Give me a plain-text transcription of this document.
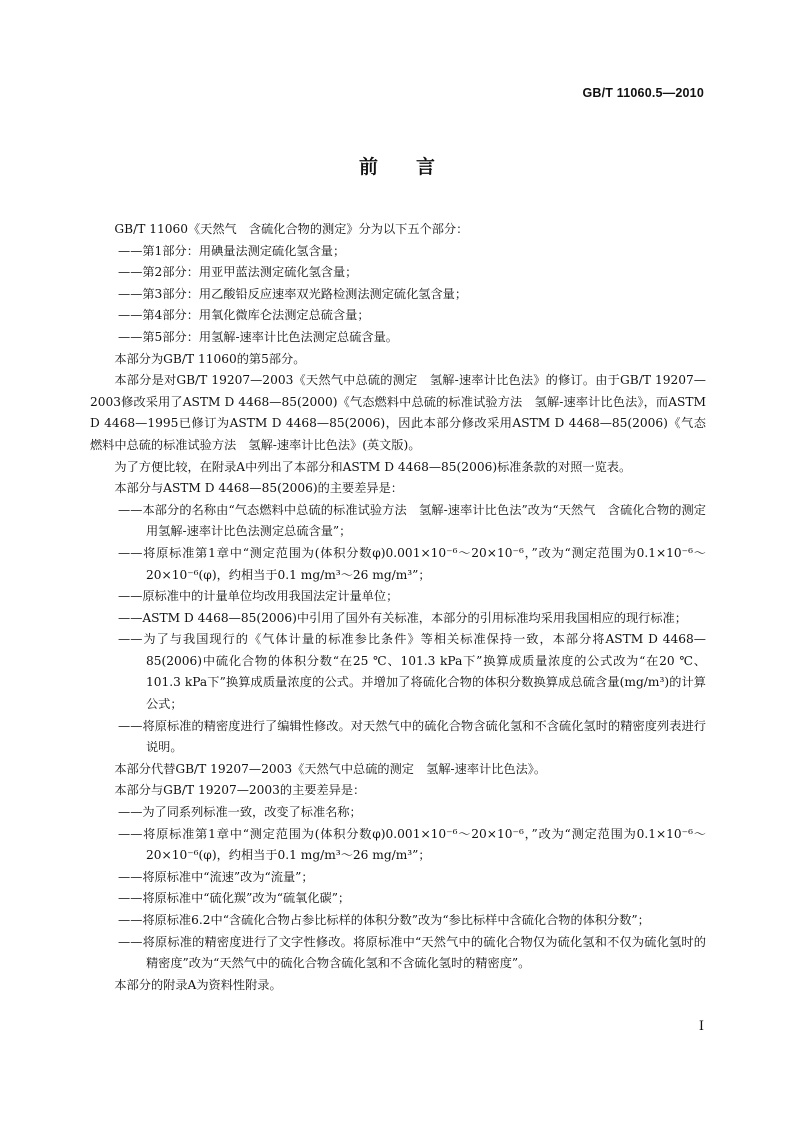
GB/T 11060.5—2010
前言

GB/T 11060《天然气　含硫化合物的测定》分为以下五个部分：

——第1部分：用碘量法测定硫化氢含量；

——第2部分：用亚甲蓝法测定硫化氢含量；

——第3部分：用乙酸铅反应速率双光路检测法测定硫化氢含量；

——第4部分：用氧化微库仑法测定总硫含量；

——第5部分：用氢解-速率计比色法测定总硫含量。

本部分为GB/T 11060的第5部分。

本部分是对GB/T 19207—2003《天然气中总硫的测定　氢解-速率计比色法》的修订。由于GB/T 19207—2003修改采用了ASTM D 4468—85(2000)《气态燃料中总硫的标准试验方法　氢解-速率计比色法》，而ASTM D 4468—1995已修订为ASTM D 4468—85(2006)，因此本部分修改采用ASTM D 4468—85(2006)《气态燃料中总硫的标准试验方法　氢解-速率计比色法》(英文版)。

为了方便比较，在附录A中列出了本部分和ASTM D 4468—85(2006)标准条款的对照一览表。

本部分与ASTM D 4468—85(2006)的主要差异是：

——本部分的名称由“气态燃料中总硫的标准试验方法　氢解-速率计比色法”改为“天然气　含硫化合物的测定　用氢解-速率计比色法测定总硫含量”；

——将原标准第1章中“测定范围为(体积分数φ)0.001×10⁻⁶～20×10⁻⁶，”改为“测定范围为0.1×10⁻⁶～20×10⁻⁶(φ)，约相当于0.1 mg/m³～26 mg/m³”；

——原标准中的计量单位均改用我国法定计量单位；

——ASTM D 4468—85(2006)中引用了国外有关标准，本部分的引用标准均采用我国相应的现行标准；

——为了与我国现行的《气体计量的标准参比条件》等相关标准保持一致，本部分将ASTM D 4468—85(2006)中硫化合物的体积分数“在25 ℃、101.3 kPa下”换算成质量浓度的公式改为“在20 ℃、101.3 kPa下”换算成质量浓度的公式。并增加了将硫化合物的体积分数换算成总硫含量(mg/m³)的计算公式；

——将原标准的精密度进行了编辑性修改。对天然气中的硫化合物含硫化氢和不含硫化氢时的精密度列表进行说明。

本部分代替GB/T 19207—2003《天然气中总硫的测定　氢解-速率计比色法》。

本部分与GB/T 19207—2003的主要差异是：

——为了同系列标准一致，改变了标准名称；

——将原标准第1章中“测定范围为(体积分数φ)0.001×10⁻⁶～20×10⁻⁶，”改为“测定范围为0.1×10⁻⁶～20×10⁻⁶(φ)，约相当于0.1 mg/m³～26 mg/m³”；

——将原标准中“流速”改为“流量”；

——将原标准中“硫化羰”改为“硫氧化碳”；

——将原标准6.2中“含硫化合物占参比标样的体积分数”改为“参比标样中含硫化合物的体积分数”；

——将原标准的精密度进行了文字性修改。将原标准中“天然气中的硫化合物仅为硫化氢和不仅为硫化氢时的精密度”改为“天然气中的硫化合物含硫化氢和不含硫化氢时的精密度”。

本部分的附录A为资料性附录。

I
